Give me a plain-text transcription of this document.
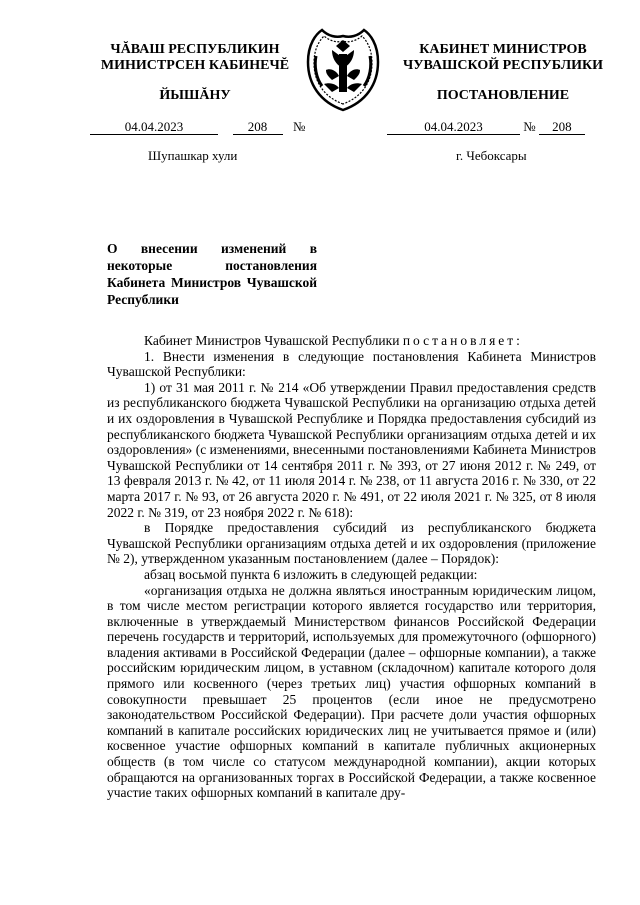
ЧĂВАШ РЕСПУБЛИКИН
МИНИСТРСЕН КАБИНЕЧĔ
КАБИНЕТ МИНИСТРОВ
ЧУВАШСКОЙ РЕСПУБЛИКИ
ЙЫШĂНУ	ПОСТАНОВЛЕНИЕ
04.04.2023	208 №	04.04.2023	№ 208
Шупашкар хули	г. Чебоксары
О внесении изменений в некоторые постановления Кабинета Министров Чувашской Республики

Кабинет Министров Чувашской Республики постановляет:

1. Внести изменения в следующие постановления Кабинета Министров Чувашской Республики:

1) от 31 мая 2011 г. № 214 «Об утверждении Правил предоставления средств из республиканского бюджета Чувашской Республики на организацию отдыха детей и их оздоровления в Чувашской Республике и Порядка предоставления субсидий из республиканского бюджета Чувашской Республики организациям отдыха детей и их оздоровления» (с изменениями, внесенными постановлениями Кабинета Министров Чувашской Республики от 14 сентября 2011 г. № 393, от 27 июня 2012 г. № 249, от 13 февраля 2013 г. № 42, от 11 июля 2014 г. № 238, от 11 августа 2016 г. № 330, от 22 марта 2017 г. № 93, от 26 августа 2020 г. № 491, от 22 июля 2021 г. № 325, от 8 июля 2022 г. № 319, от 23 ноября 2022 г. № 618):

в Порядке предоставления субсидий из республиканского бюджета Чувашской Республики организациям отдыха детей и их оздоровления (приложение № 2), утвержденном указанным постановлением (далее – Порядок):

абзац восьмой пункта 6 изложить в следующей редакции:

«организация отдыха не должна являться иностранным юридическим лицом, в том числе местом регистрации которого является государство или территория, включенные в утверждаемый Министерством финансов Российской Федерации перечень государств и территорий, используемых для промежуточного (офшорного) владения активами в Российской Федерации (далее – офшорные компании), а также российским юридическим лицом, в уставном (складочном) капитале которого доля прямого или косвенного (через третьих лиц) участия офшорных компаний в совокупности превышает 25 процентов (если иное не предусмотрено законодательством Российской Федерации). При расчете доли участия офшорных компаний в капитале российских юридических лиц не учитывается прямое и (или) косвенное участие офшорных компаний в капитале публичных акционерных обществ (в том числе со статусом международной компании), акции которых обращаются на организованных торгах в Российской Федерации, а также косвенное участие таких офшорных компаний в капитале дру-
